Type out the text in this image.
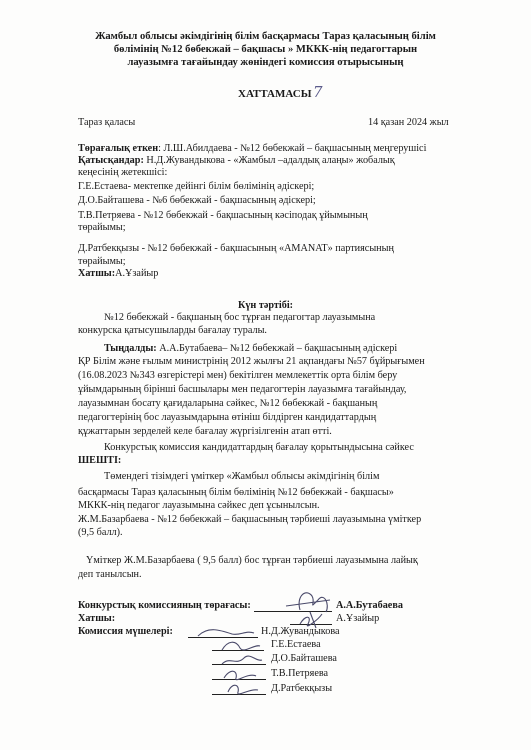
Жамбыл облысы әкімдігінің білім басқармасы Тараз қаласының білім
бөлімінің №12 бөбекжай – бақшасы » МККК-нің педагогтарын
лауазымға тағайындау жөніндегі комиссия отырысының
ХАТТАМАСЫ 7
Тараз қаласы	14 қазан 2024 жыл
Төрағалық еткен: Л.Ш.Абилдаева - №12 бөбекжай – бақшасының меңгерушісі
Қатысқандар: Н.Д.Жувандыкова - «Жамбыл –адалдық алаңы» жобалық
кеңесінің жетекшісі:
Г.Е.Естаева- мектепке дейінгі білім бөлімінің әдіскері;
Д.О.Байташева - №6 бөбекжай - бақшасының әдіскері;
Т.В.Петряева - №12 бөбекжай - бақшасының кәсіподақ ұйымының
төрайымы;
Д.Ратбекқызы - №12 бөбекжай - бақшасының «AMANAT» партиясының
төрайымы;
Хатшы:А.Ұзайыр
Күн тәртібі:
№12 бөбекжай - бақшаның бос тұрған педагогтар лауазымына
конкурска қатысушыларды бағалау туралы.
Тыңдалды: А.А.Бутабаева– №12 бөбекжай – бақшасының әдіскері
ҚР Білім және ғылым министрінің 2012 жылғы 21 ақпандағы №57 бұйрығымен
(16.08.2023 №343 өзгерістері мен) бекітілген мемлекеттік орта білім беру
ұйымдарының бірінші басшылары мен педагогтерін лауазымға тағайындау,
лауазымнан босату қағидаларына сәйкес, №12 бөбекжай - бақшаның
педагогтерінің бос лауазымдарына өтініш білдірген кандидаттардың
құжаттарын зерделей келе бағалау жүргізілгенін атап өтті.
Конкурстық комиссия кандидаттардың бағалау қорытындысына сәйкес
ШЕШТІ:
Төмендегі тізімдегі үміткер «Жамбыл облысы әкімдігінің білім
басқармасы Тараз қаласының білім бөлімінің №12 бөбекжай - бақшасы»
МККК-нің педагог лауазымына сәйкес деп ұсынылсын.
Ж.М.Базарбаева - №12 бөбекжай – бақшасының тәрбиеші лауазымына үміткер
(9,5 балл).
Үміткер Ж.М.Базарбаева ( 9,5 балл) бос тұрған тәрбиеші лауазымына лайық
деп танылсын.
Конкурстық комиссияның төрағасы:	А.А.Бутабаева
Хатшы:	А.Ұзайыр
Комиссия мүшелері:	Н.Д.Жувандыкова
Г.Е.Естаева
Д.О.Байташева
Т.В.Петряева
Д.Ратбекқызы
